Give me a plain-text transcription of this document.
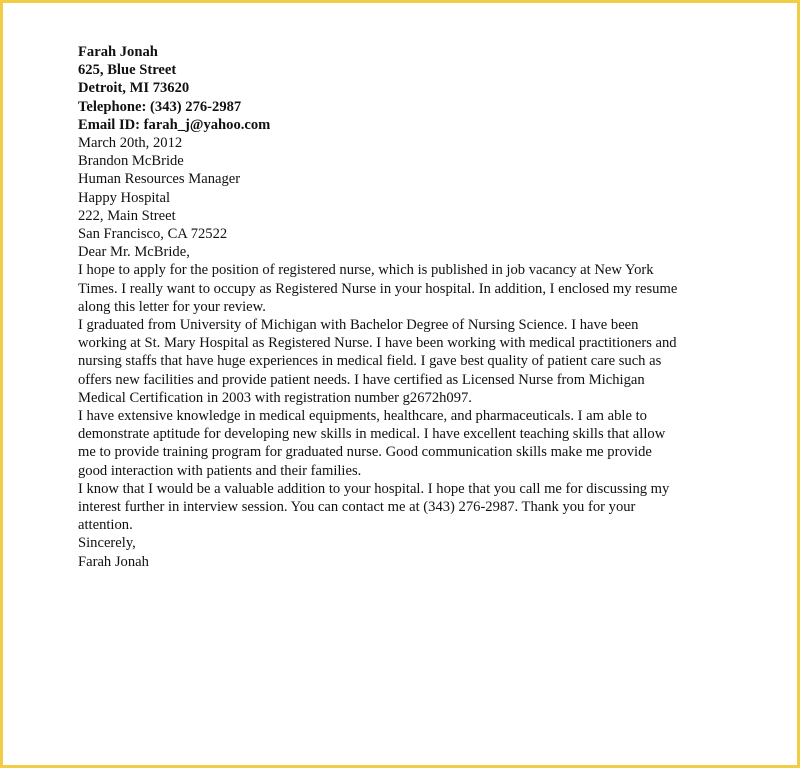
Farah Jonah
625, Blue Street
Detroit, MI 73620
Telephone: (343) 276-2987
Email ID: farah_j@yahoo.com
March 20th, 2012
Brandon McBride
Human Resources Manager
Happy Hospital
222, Main Street
San Francisco, CA 72522
Dear Mr. McBride,
I hope to apply for the position of registered nurse, which is published in job vacancy at New York
Times. I really want to occupy as Registered Nurse in your hospital. In addition, I enclosed my resume
along this letter for your review.
I graduated from University of Michigan with Bachelor Degree of Nursing Science. I have been
working at St. Mary Hospital as Registered Nurse. I have been working with medical practitioners and
nursing staffs that have huge experiences in medical field. I gave best quality of patient care such as
offers new facilities and provide patient needs. I have certified as Licensed Nurse from Michigan
Medical Certification in 2003 with registration number g2672h097.
I have extensive knowledge in medical equipments, healthcare, and pharmaceuticals. I am able to
demonstrate aptitude for developing new skills in medical. I have excellent teaching skills that allow
me to provide training program for graduated nurse. Good communication skills make me provide
good interaction with patients and their families.
I know that I would be a valuable addition to your hospital. I hope that you call me for discussing my
interest further in interview session. You can contact me at (343) 276-2987. Thank you for your
attention.
Sincerely,
Farah Jonah
